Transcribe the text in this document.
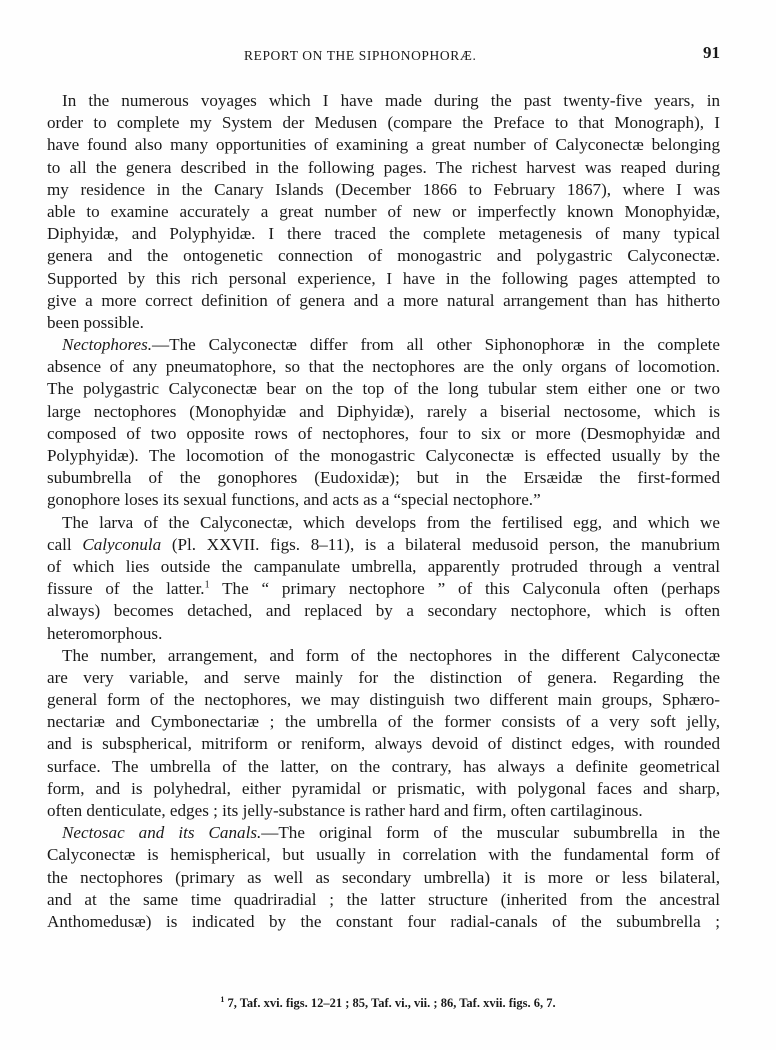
REPORT ON THE SIPHONOPHORÆ.	91
In the numerous voyages which I have made during the past twenty-five years, in
order to complete my System der Medusen (compare the Preface to that Monograph), I
have found also many opportunities of examining a great number of Calyconectæ belonging
to all the genera described in the following pages. The richest harvest was reaped during
my residence in the Canary Islands (December 1866 to February 1867), where I was
able to examine accurately a great number of new or imperfectly known Monophyidæ,
Diphyidæ, and Polyphyidæ. I there traced the complete metagenesis of many typical
genera and the ontogenetic connection of monogastric and polygastric Calyconectæ.
Supported by this rich personal experience, I have in the following pages attempted to
give a more correct definition of genera and a more natural arrangement than has hitherto
been possible.
Nectophores.—The Calyconectæ differ from all other Siphonophoræ in the complete
absence of any pneumatophore, so that the nectophores are the only organs of locomotion.
The polygastric Calyconectæ bear on the top of the long tubular stem either one or two
large nectophores (Monophyidæ and Diphyidæ), rarely a biserial nectosome, which is
composed of two opposite rows of nectophores, four to six or more (Desmophyidæ and
Polyphyidæ). The locomotion of the monogastric Calyconectæ is effected usually by the
subumbrella of the gonophores (Eudoxidæ); but in the Ersæidæ the first-formed
gonophore loses its sexual functions, and acts as a “special nectophore.”
The larva of the Calyconectæ, which develops from the fertilised egg, and which we
call Calyconula (Pl. XXVII. figs. 8–11), is a bilateral medusoid person, the manubrium
of which lies outside the campanulate umbrella, apparently protruded through a ventral
fissure of the latter.$^1$ The “ primary nectophore ” of this Calyconula often (perhaps
always) becomes detached, and replaced by a secondary nectophore, which is often
heteromorphous.
The number, arrangement, and form of the nectophores in the different Calyconectæ
are very variable, and serve mainly for the distinction of genera. Regarding the
general form of the nectophores, we may distinguish two different main groups, Sphæro-
nectariæ and Cymbonectariæ ; the umbrella of the former consists of a very soft jelly,
and is subspherical, mitriform or reniform, always devoid of distinct edges, with rounded
surface. The umbrella of the latter, on the contrary, has always a definite geometrical
form, and is polyhedral, either pyramidal or prismatic, with polygonal faces and sharp,
often denticulate, edges ; its jelly-substance is rather hard and firm, often cartilaginous.
Nectosac and its Canals.—The original form of the muscular subumbrella in the
Calyconectæ is hemispherical, but usually in correlation with the fundamental form of
the nectophores (primary as well as secondary umbrella) it is more or less bilateral,
and at the same time quadriradial ; the latter structure (inherited from the ancestral
Anthomedusæ) is indicated by the constant four radial-canals of the subumbrella ;
$^1$ 7, Taf. xvi. figs. 12–21 ; 85, Taf. vi., vii. ; 86, Taf. xvii. figs. 6, 7.
